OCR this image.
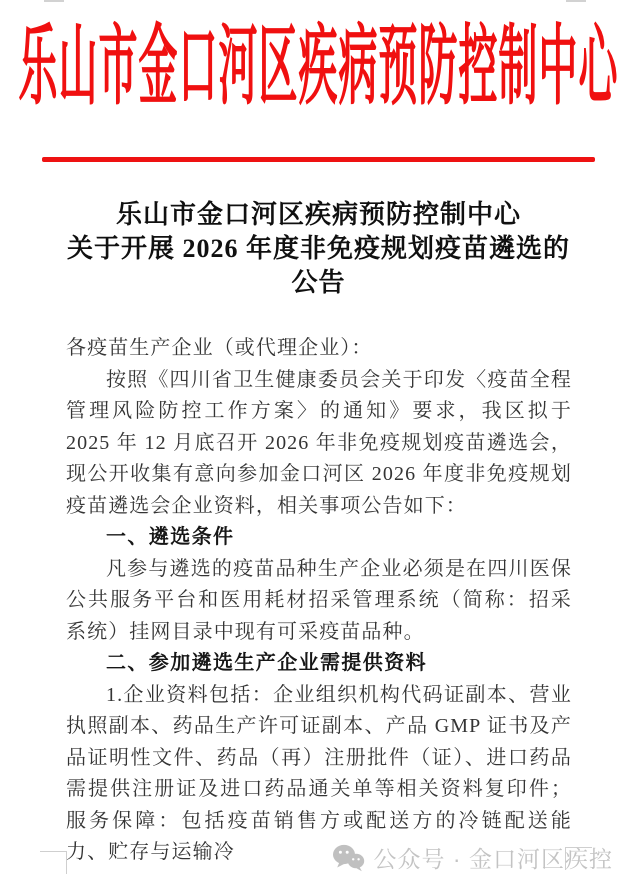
乐山市金口河区疾病预防控制中心
乐山市金口河区疾病预防控制中心
关于开展 2026 年度非免疫规划疫苗遴选的
公告

各疫苗生产企业（或代理企业）：

按照《四川省卫生健康委员会关于印发〈疫苗全程管理风险防控工作方案〉的通知》要求，我区拟于 2025 年 12 月底召开 2026 年非免疫规划疫苗遴选会，现公开收集有意向参加金口河区 2026 年度非免疫规划疫苗遴选会企业资料，相关事项公告如下：

一、遴选条件

凡参与遴选的疫苗品种生产企业必须是在四川医保公共服务平台和医用耗材招采管理系统（简称：招采系统）挂网目录中现有可采疫苗品种。

二、参加遴选生产企业需提供资料

1.企业资料包括：企业组织机构代码证副本、营业执照副本、药品生产许可证副本、产品 GMP 证书及产品证明性文件、药品（再）注册批件（证）、进口药品需提供注册证及进口药品通关单等相关资料复印件；服务保障：包括疫苗销售方或配送方的冷链配送能力、贮存与运输冷	公众号 · 金口河区疾控
